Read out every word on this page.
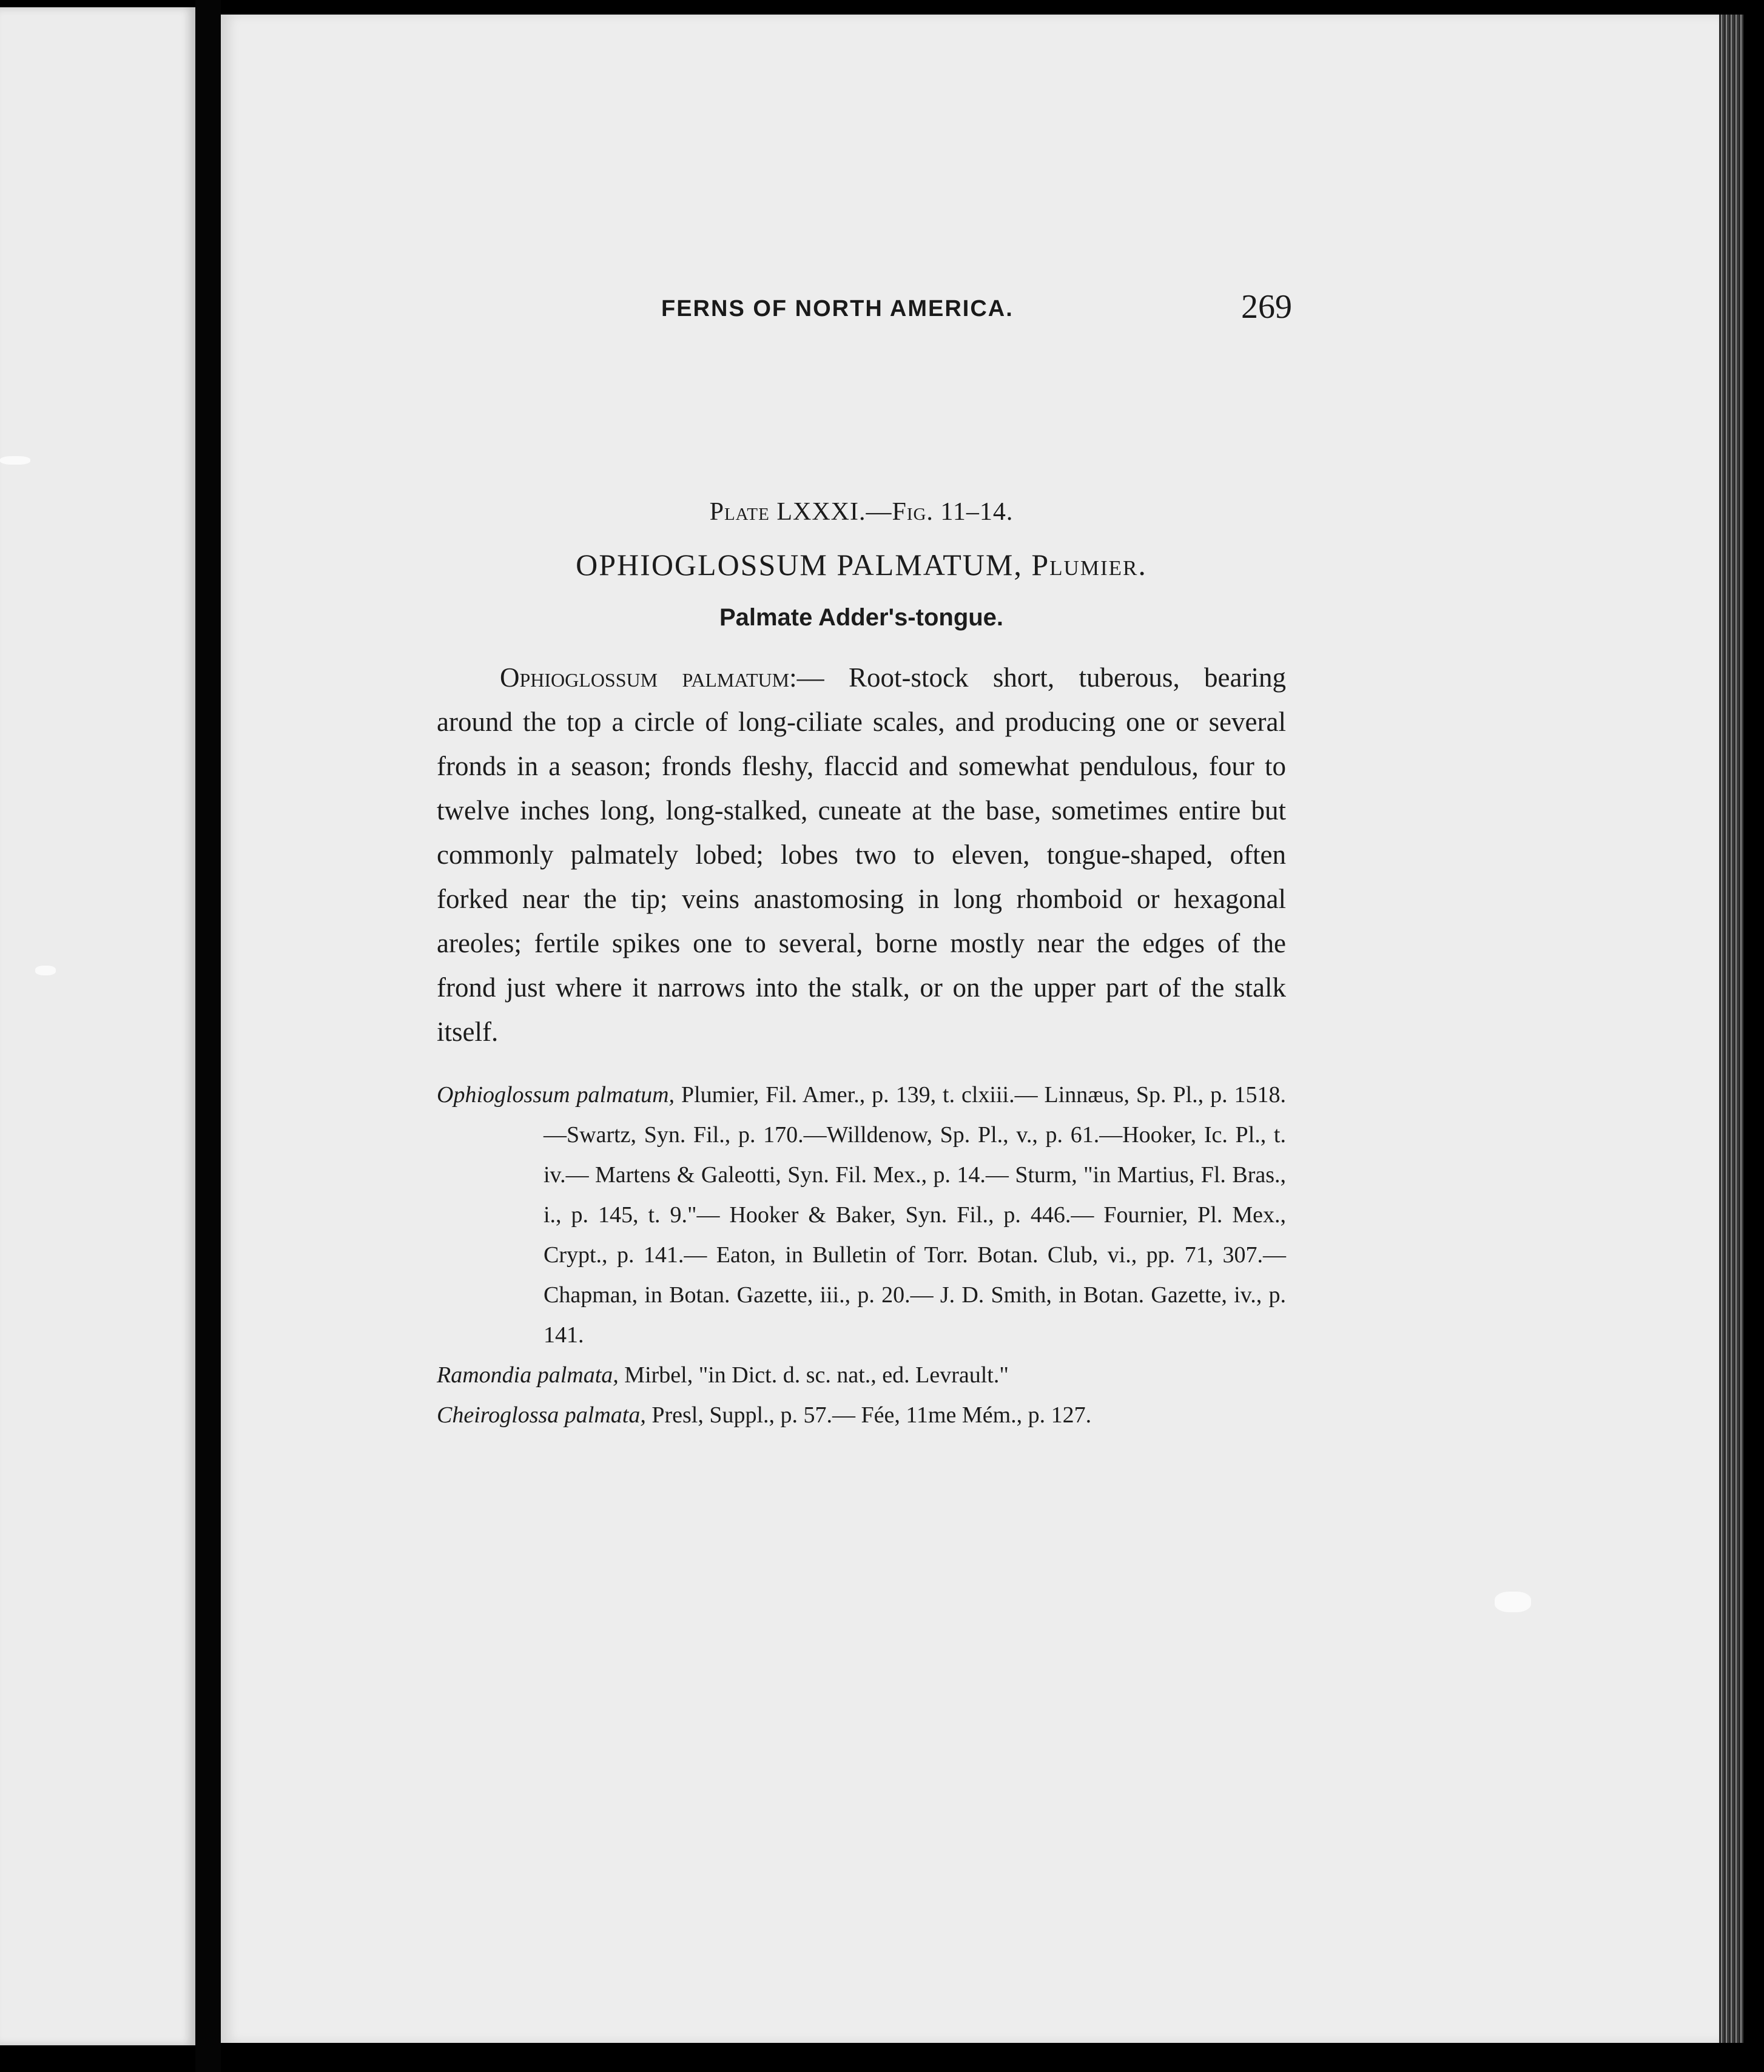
FERNS OF NORTH AMERICA.	269

Plate LXXXI.—Fig. 11–14.

OPHIOGLOSSUM PALMATUM, Plumier.

Palmate Adder's-tongue.

Ophioglossum palmatum:— Root-stock short, tuberous, bearing around the top a circle of long-ciliate scales, and producing one or several fronds in a season; fronds fleshy, flaccid and somewhat pendulous, four to twelve inches long, long-stalked, cuneate at the base, sometimes entire but commonly palmately lobed; lobes two to eleven, tongue-shaped, often forked near the tip; veins anastomosing in long rhomboid or hexagonal areoles; fertile spikes one to several, borne mostly near the edges of the frond just where it narrows into the stalk, or on the upper part of the stalk itself.

Ophioglossum palmatum, Plumier, Fil. Amer., p. 139, t. clxiii.— Linnæus, Sp. Pl., p. 1518.—Swartz, Syn. Fil., p. 170.—Willdenow, Sp. Pl., v., p. 61.—Hooker, Ic. Pl., t. iv.— Martens & Galeotti, Syn. Fil. Mex., p. 14.— Sturm, "in Martius, Fl. Bras., i., p. 145, t. 9."— Hooker & Baker, Syn. Fil., p. 446.— Fournier, Pl. Mex., Crypt., p. 141.— Eaton, in Bulletin of Torr. Botan. Club, vi., pp. 71, 307.— Chapman, in Botan. Gazette, iii., p. 20.— J. D. Smith, in Botan. Gazette, iv., p. 141.

Ramondia palmata, Mirbel, "in Dict. d. sc. nat., ed. Levrault."

Cheiroglossa palmata, Presl, Suppl., p. 57.— Fée, 11me Mém., p. 127.
